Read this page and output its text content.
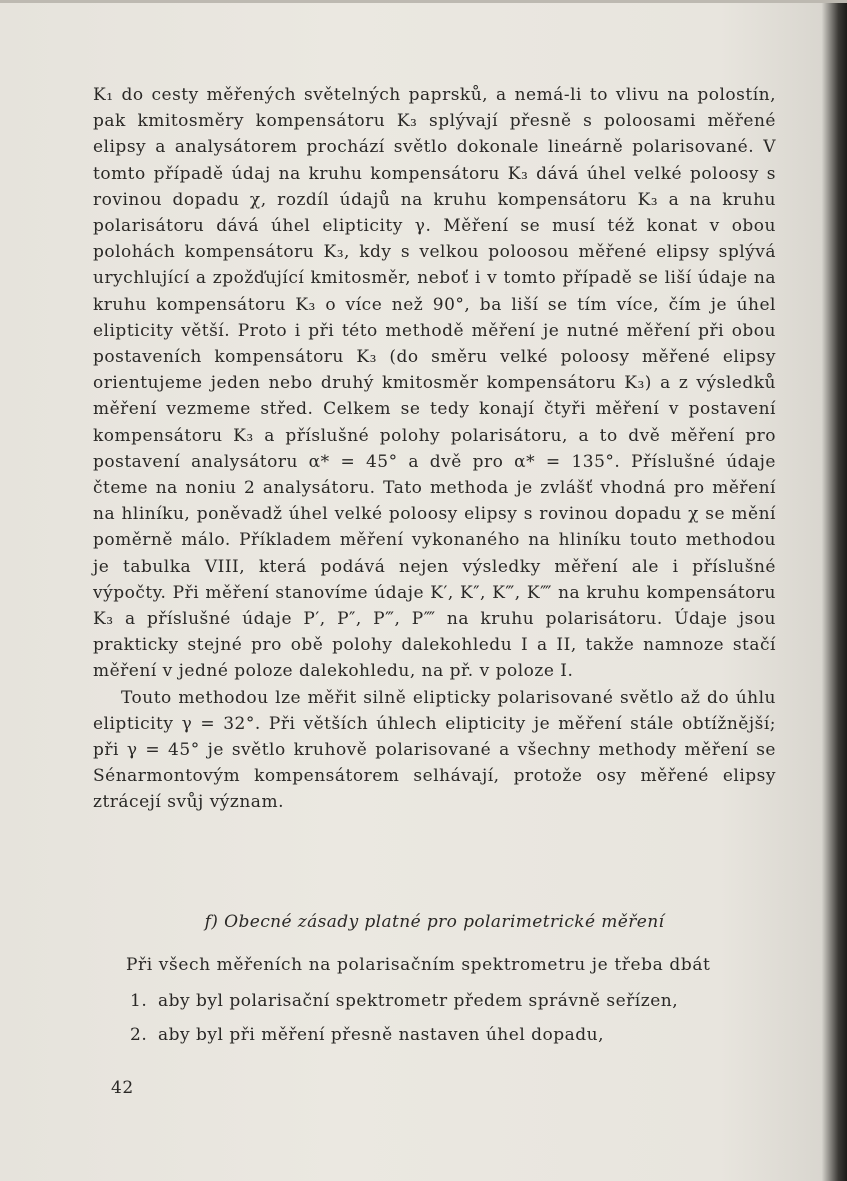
K₁ do cesty měřených světelných paprsků, a nemá-li to vlivu na polostín, pak kmitosměry kompensátoru K₃ splývají přesně s poloosami měřené elipsy a analysátorem prochází světlo dokonale lineárně polarisované. V tomto případě údaj na kruhu kompensátoru K₃ dává úhel velké poloosy s rovinou dopadu χ, rozdíl údajů na kruhu kompensátoru K₃ a na kruhu polarisátoru dává úhel elipticity γ. Měření se musí též konat v obou polohách kompensátoru K₃, kdy s velkou poloosou měřené elipsy splývá urychlující a zpožďující kmitosměr, neboť i v tomto případě se liší údaje na kruhu kompensátoru K₃ o více než 90°, ba liší se tím více, čím je úhel elipticity větší. Proto i při této methodě měření je nutné měření při obou postaveních kompensátoru K₃ (do směru velké poloosy měřené elipsy orientujeme jeden nebo druhý kmitosměr kompensátoru K₃) a z výsledků měření vezmeme střed. Celkem se tedy konají čtyři měření v postavení kompensátoru K₃ a příslušné polohy polarisátoru, a to dvě měření pro postavení analysátoru α* = 45° a dvě pro α* = 135°. Příslušné údaje čteme na noniu 2 analysátoru. Tato methoda je zvlášť vhodná pro měření na hliníku, poněvadž úhel velké poloosy elipsy s rovinou dopadu χ se mění poměrně málo. Příkladem měření vykonaného na hliníku touto methodou je tabulka VIII, která podává nejen výsledky měření ale i příslušné výpočty. Při měření stanovíme údaje K′, K″, K‴, K⁗ na kruhu kompensátoru K₃ a příslušné údaje P′, P″, P‴, P⁗ na kruhu polarisátoru. Údaje jsou prakticky stejné pro obě polohy dalekohledu I a II, takže namnoze stačí měření v jedné poloze dalekohledu, na př. v poloze I.

Touto methodou lze měřit silně elipticky polarisované světlo až do úhlu elipticity γ = 32°. Při větších úhlech elipticity je měření stále obtížnější; při γ = 45° je světlo kruhově polarisované a všechny methody měření se Sénarmontovým kompensátorem selhávají, protože osy měřené elipsy ztrácejí svůj význam.

f) Obecné zásady platné pro polarimetrické měření
Při všech měřeních na polarisačním spektrometru je třeba dbát
1. aby byl polarisační spektrometr předem správně seřízen,
2. aby byl při měření přesně nastaven úhel dopadu,
42
